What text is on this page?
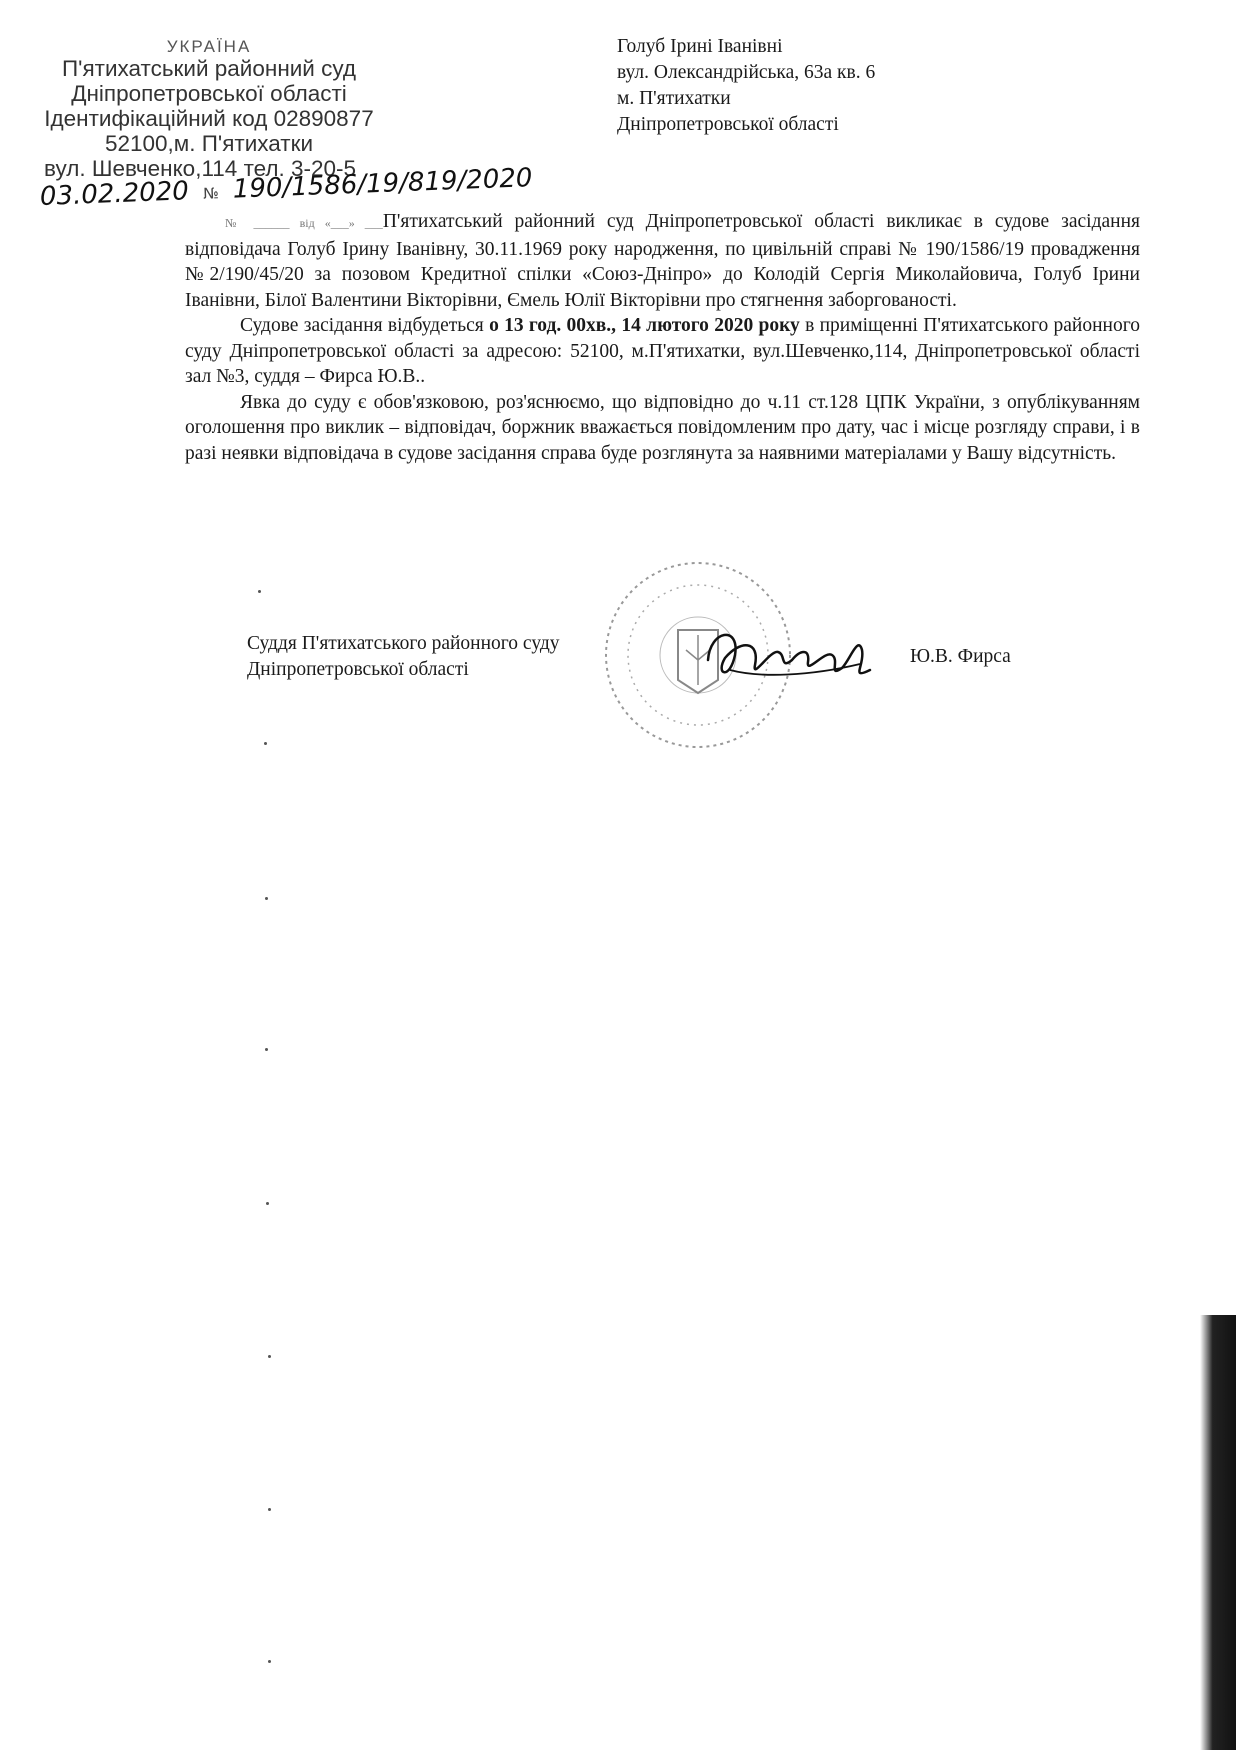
УКРАЇНА
П'ятихатський районний суд
Дніпропетровської області
Ідентифікаційний код 02890877
52100,м. П'ятихатки
вул. Шевченко,114 тел. 3-20-5
03.02.2020 № 190/1586/19/819/2020
Голуб Ірині Іванівні
вул. Олександрійська, 63а кв. 6
м. П'ятихатки
Дніпропетровської області

№ ______ від «___» ___П'ятихатський районний суд Дніпропетровської області викликає в судове засідання відповідача Голуб Ірину Іванівну, 30.11.1969 року народження, по цивільній справі № 190/1586/19 провадження №2/190/45/20 за позовом Кредитної спілки «Союз-Дніпро» до Колодій Сергія Миколайовича, Голуб Ірини Іванівни, Білої Валентини Вікторівни, Ємель Юлії Вікторівни про стягнення заборгованості.

Судове засідання відбудеться о 13 год. 00хв., 14 лютого 2020 року в приміщенні П'ятихатського районного суду Дніпропетровської області за адресою: 52100, м.П'ятихатки, вул.Шевченко,114, Дніпропетровської області зал №3, суддя – Фирса Ю.В..

Явка до суду є обов'язковою, роз'яснюємо, що відповідно до ч.11 ст.128 ЦПК України, з опублікуванням оголошення про виклик – відповідач, боржник вважається повідомленим про дату, час і місце розгляду справи, і в разі неявки відповідача в судове засідання справа буде розглянута за наявними матеріалами у Вашу відсутність.

Суддя П'ятихатського районного суду
Дніпропетровської області
Ю.В. Фирса
